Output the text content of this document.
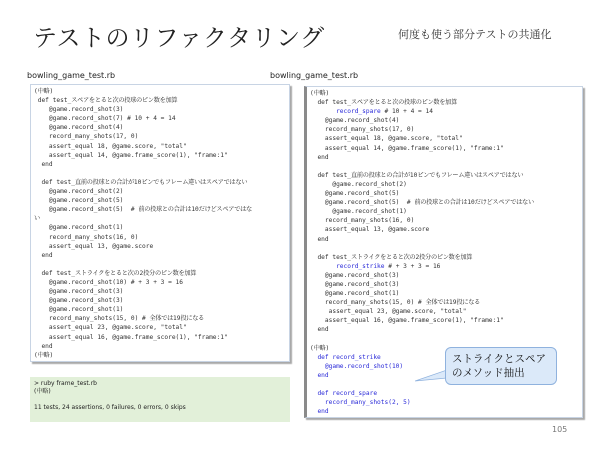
テストのリファクタリング	何度も使う部分テストの共通化
bowling_game_test.rb	bowling_game_test.rb
(中略)
def test_スペアをとると次の投球のピン数を加算
@game.record_shot(3)
@game.record_shot(7) # 10 + 4 = 14
@game.record_shot(4)
record_many_shots(17, 0)
assert_equal 18, @game.score, "total"
assert_equal 14, @game.frame_score(1), "frame:1"
end
def test_直前の投球との合計が10ピンでもフレーム違いはスペアではない
@game.record_shot(2)
@game.record_shot(5)
@game.record_shot(5)  # 前の投球との合計は10だけどスペアではな
い
@game.record_shot(1)
record_many_shots(16, 0)
assert_equal 13, @game.score
end
def test_ストライクをとると次の2投分のピン数を加算
@game.record_shot(10) # + 3 + 3 = 16
@game.record_shot(3)
@game.record_shot(3)
@game.record_shot(1)
record_many_shots(15, 0) # 全体では19投になる
assert_equal 23, @game.score, "total"
assert_equal 16, @game.frame_score(1), "frame:1"
end
(中略)
> ruby frame_test.rb
(中略)
11 tests, 24 assertions, 0 failures, 0 errors, 0 skips
(中略)
def test_スペアをとると次の投球のピン数を加算
record_spare # 10 + 4 = 14
@game.record_shot(4)
record_many_shots(17, 0)
assert_equal 18, @game.score, "total"
assert_equal 14, @game.frame_score(1), "frame:1"
end
def test_直前の投球との合計が10ピンでもフレーム違いはスペアではない
@game.record_shot(2)
@game.record_shot(5)
@game.record_shot(5)  # 前の投球との合計は10だけどスペアではない
@game.record_shot(1)
record_many_shots(16, 0)
assert_equal 13, @game.score
end
def test_ストライクをとると次の2投分のピン数を加算
record_strike # + 3 + 3 = 16
@game.record_shot(3)
@game.record_shot(3)
@game.record_shot(1)
record_many_shots(15, 0) # 全体では19投になる
assert_equal 23, @game.score, "total"
assert_equal 16, @game.frame_score(1), "frame:1"
end
(中略)
def record_strike
@game.record_shot(10)
end
def record_spare
record_many_shots(2, 5)
end
ストライクとスペア
のメソッド抽出
105
